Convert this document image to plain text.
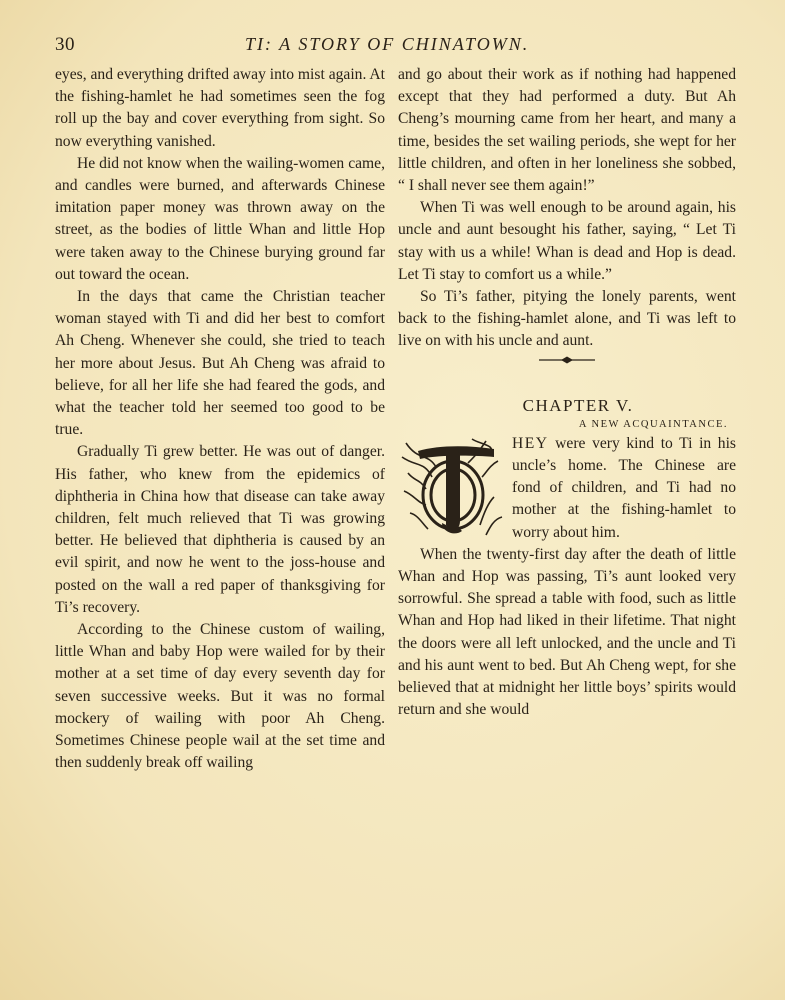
30	TI: A STORY OF CHINATOWN.

eyes, and everything drifted away into mist again. At the fishing-hamlet he had sometimes seen the fog roll up the bay and cover everything from sight. So now everything vanished.

He did not know when the wailing-women came, and candles were burned, and afterwards Chinese imitation paper money was thrown away on the street, as the bodies of little Whan and little Hop were taken away to the Chinese burying ground far out toward the ocean.

In the days that came the Christian teacher woman stayed with Ti and did her best to comfort Ah Cheng. Whenever she could, she tried to teach her more about Jesus. But Ah Cheng was afraid to believe, for all her life she had feared the gods, and what the teacher told her seemed too good to be true.

Gradually Ti grew better. He was out of danger. His father, who knew from the epidemics of diphtheria in China how that disease can take away children, felt much relieved that Ti was growing better. He believed that diphtheria is caused by an evil spirit, and now he went to the joss-house and posted on the wall a red paper of thanksgiving for Ti’s recovery.

According to the Chinese custom of wailing, little Whan and baby Hop were wailed for by their mother at a set time of day every seventh day for seven successive weeks. But it was no formal mockery of wailing with poor Ah Cheng. Sometimes Chinese people wail at the set time and then suddenly break off wailing

and go about their work as if nothing had happened except that they had performed a duty. But Ah Cheng’s mourning came from her heart, and many a time, besides the set wailing periods, she wept for her little children, and often in her loneliness she sobbed, “ I shall never see them again!”

When Ti was well enough to be around again, his uncle and aunt besought his father, saying, “ Let Ti stay with us a while! Whan is dead and Hop is dead. Let Ti stay to comfort us a while.”

So Ti’s father, pitying the lonely parents, went back to the fishing-hamlet alone, and Ti was left to live on with his uncle and aunt.

CHAPTER V.

A NEW ACQUAINTANCE.

T	HEY were very kind to Ti in his uncle’s home. The Chinese are fond of children, and Ti had no mother at the fishing-hamlet to worry about him.

When the twenty-first day after the death of little Whan and Hop was passing, Ti’s aunt looked very sorrowful. She spread a table with food, such as little Whan and Hop had liked in their lifetime. That night the doors were all left unlocked, and the uncle and Ti and his aunt went to bed. But Ah Cheng wept, for she believed that at midnight her little boys’ spirits would return and she would
